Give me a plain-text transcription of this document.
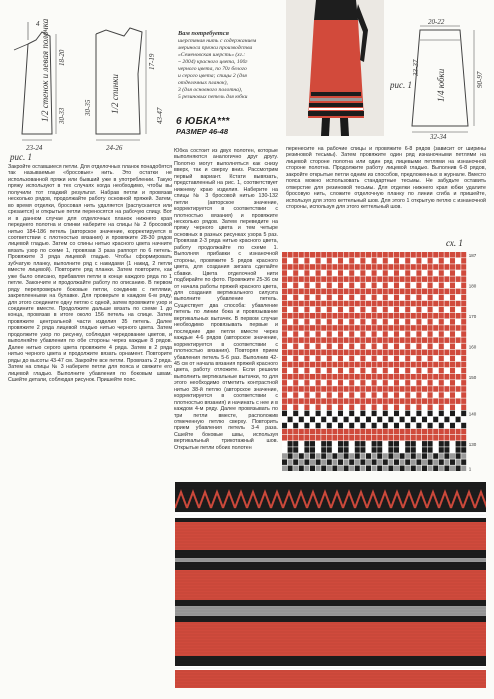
4 1/2 стенок и левая полочка 30-33
18-20
23-24
рис. 1
1/2 спинки
17-19
43-47
30-35
24-26
Вам потребуется
шерстяная нить с содержанием
мериноса пряжи производства
«Семеновская шерсть» (хг.:
~ 2004) красного цвета, 100г
черного цвета, по 70г белого
и серого цвета; спицы 2 (для
отделочных планок),
3 (для основного полотна),
5 резиновых петель для юбки
20-22
1/4 юбки
33-37
90-97
32-34
рис. 1
6 ЮБКА***
РАЗМЕР 46-48
Закройте оставшиеся петли. Для отделочных планок понадобятся так называемые «бросовые» нить. Это остатки не использованной пряжи или бывший уже в употреблении. Такую пряжу используют в тех случаях когда необходимо, чтобы вы получили тот гладкий результат. Набрав петли и провязав несколько рядов, продолжайте работу основной пряжей. Затем, во время отделки, бросовая нить удаляется (распускается или срезается) и открытые петли переносятся на рабочую спицу. Вот и в данном случае для отделочных планок нижнего края переднего полотна и спинки наберите на спицы № 2 бросовой нитью 184-186 петель (авторское значение, корректируется в соответствии с плотностью вязания) и провяжите 28-30 рядов лицевой гладью. Затем со спины нитью красного цвета начните вязать узор по схеме 1, провязав 3 раза раппорт по 6 петель. Провяжите 3 ряда лицевой гладью. Чтобы сформировать зубчатую планку, выполните ряд с накидами (1 накид, 2 петли вместе лицевой). Повторите ряд планки. Затем повторите, как уже было описано, прибавляя петли в конце каждого ряда по 1 петле. Закончите и продолжайте работу по описанию. В первом ряду перепроверьте боковые петли, соединив с петлями, закрепленными на булавке. Для проверьте в каждом 6-м ряду, для этого соедините одну петлю с одной, затем провяжите узор и соедините вместе. Продолжите дальше вязать по схеме 1 до конца, провязав в итоге около 156 петель на спице. Затем провяжите центральной части изделия 35 петель. Далее провяжите 2 ряда лицевой гладью нитью черного цвета. Затем продолжите узор по рисунку, соблюдая чередование цветов, и выполняйте убавления по обе стороны через каждые 8 рядов. Далее нитью серого цвета провяжите 4 ряда. Затем в 2 ряда нитью черного цвета и продолжите вязать орнамент. Повторите ряды до высоты 43-47 см. Закройте все петли. Провязать 2 ряда. Затем на спицы № 3 наберите петли для пояса и свяжите его лицевой гладью. Выполните убавления по боковым швам. Сшейте детали, соблюдая рисунок. Пришейте пояс.
Юбка состоит из двух полотен, которые выполняются аналогично друг другу. Полотно могут выполняться как снизу вверх, так и сверху вниз. Рассмотрим первый вариант. Кстати вывязать, представленный на рис. 1, соответствует нижнему краю изделия. Наберите на спицы № 3 бросовой нитью 130-132 петли (авторское значение, корректируется в соответствии с плотностью вязания) и провяжите несколько рядов. Затем переведите на пряжу черного цвета и тем четыре основных в разных рисунках узора 5 раз. Провязав 2-3 ряда нитью красного цвета, работу продолжайте по схеме 1. Выполняя прибавки с изнаночной стороны, провяжите 5 рядов красного цвета, для создания зигзага сделайте сбавки. Цвета отделочной нити подбирайте по фото. Провяжите 25-36 см от начала работы пряжей красного цвета, для создания вертикального силуэта выполните убавление петель. Существует два способа: убавление петель по линии бока и провязывание вертикальных вытачек. В первом случае необходимо провязывать первые и последние две петли вместе через каждые 4-6 рядов (авторское значение, корректируется в соответствии с плотностью вязания). Повторяя прием убавления петель 5-6 раз. Выполнив 42-45 см от начала вязания пряжей красного цвета, работу отложите. Если решили выполнить вертикальные вытачки, то для этого необходимо отметить контрастной нитью 38-й петлю (авторское значение, корректируется в соответствии с плотностью вязания) и начинать с нее и в каждом 4-м ряду. Далее провязывать по три петли вместе, расположив отмеченную петлю сверху. Повторить прием убавления петель 3-4 раза. Сшейте боковые швы, используя вертикальный трикотажный шов. Открытые петли обоих полотен
перенесите на рабочие спицы и провяжите 6-8 рядов (зависит от ширины резиновой тесьмы). Затем провяжите один ряд изнаночными петлями на лицевой стороне полотна или один ряд лицевыми петлями на изнаночной стороне полотна. Продолжите работу лицевой гладью. Выполнив 6-8 рядов, закройте открытые петли одним из способов, предложенных в журнале. Вместо пояса можно использовать стандартные тесьмы. Не забудьте оставить отверстие для резиновой тесьмы. Для отделки нижнего края юбки удалите бросовую нить, сложите отделочную планку по линии сгиба и пришейте, используя для этого кеттельный шов. Для этого 1 открытую петлю с изнаночной стороны, используя для этого кеттельный шов.
сх. 1
187
180
170
160
150
140
130
1
